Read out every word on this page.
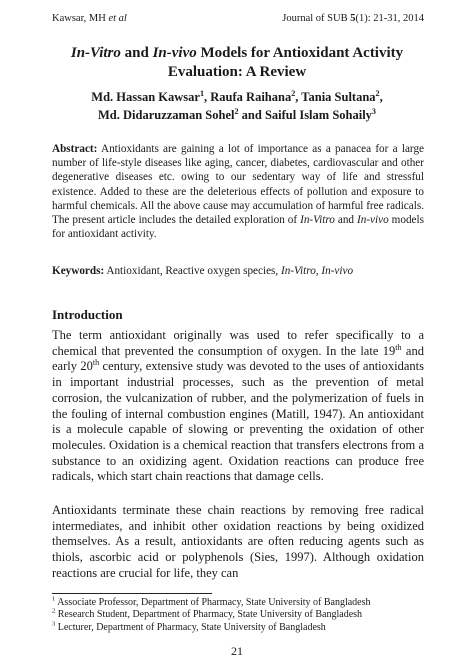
Kawsar, MH et al	Journal of SUB 5(1): 21-31, 2014
In-Vitro and In-vivo Models for Antioxidant Activity
Evaluation: A Review
Md. Hassan Kawsar$^1$, Raufa Raihana$^2$, Tania Sultana$^2$,
Md. Didaruzzaman Sohel$^2$ and Saiful Islam Sohaily$^3$

Abstract: Antioxidants are gaining a lot of importance as a panacea for a large number of life-style diseases like aging, cancer, diabetes, cardiovascular and other degenerative diseases etc. owing to our sedentary way of life and stressful existence. Added to these are the deleterious effects of pollution and exposure to harmful chemicals. All the above cause may accumulation of harmful free radicals. The present article includes the detailed exploration of In-Vitro and In-vivo models for antioxidant activity.

Keywords: Antioxidant, Reactive oxygen species, In-Vitro, In-vivo

Introduction

The term antioxidant originally was used to refer specifically to a chemical that prevented the consumption of oxygen. In the late 19th and early 20th century, extensive study was devoted to the uses of antioxidants in important industrial processes, such as the prevention of metal corrosion, the vulcanization of rubber, and the polymerization of fuels in the fouling of internal combustion engines (Matill, 1947). An antioxidant is a molecule capable of slowing or preventing the oxidation of other molecules. Oxidation is a chemical reaction that transfers electrons from a substance to an oxidizing agent. Oxidation reactions can produce free radicals, which start chain reactions that damage cells.

Antioxidants terminate these chain reactions by removing free radical intermediates, and inhibit other oxidation reactions by being oxidized themselves. As a result, antioxidants are often reducing agents such as thiols, ascorbic acid or polyphenols (Sies, 1997). Although oxidation reactions are crucial for life, they can

$^1$ Associate Professor, Department of Pharmacy, State University of Bangladesh
$^2$ Research Student, Department of Pharmacy, State University of Bangladesh
$^3$ Lecturer, Department of Pharmacy, State University of Bangladesh
21
